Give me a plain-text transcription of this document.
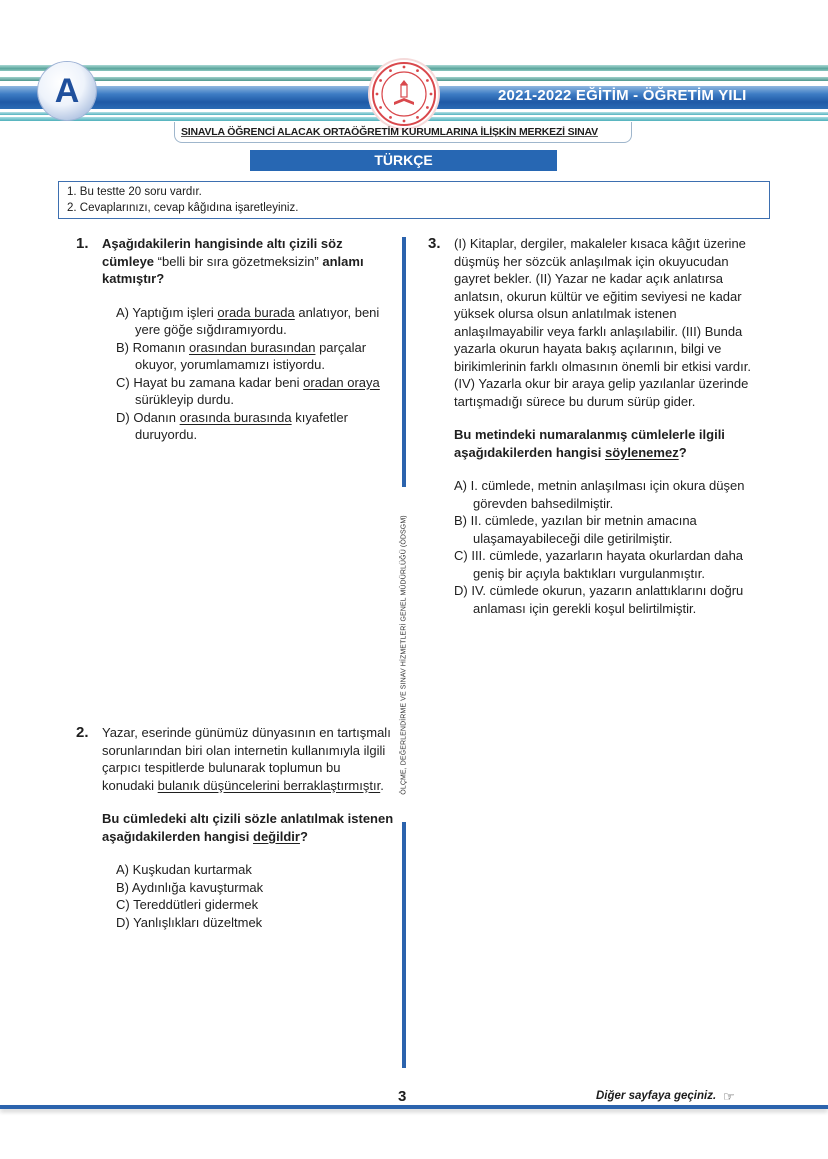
A	2021-2022 EĞİTİM - ÖĞRETİM YILI
SINAVLA ÖĞRENCİ ALACAK ORTAÖĞRETİM KURUMLARINA İLİŞKİN MERKEZİ SINAV
TÜRKÇE
1. Bu testte 20 soru vardır.
2. Cevaplarınızı, cevap kâğıdına işaretleyiniz.
ÖLÇME, DEĞERLENDİRME VE SINAV HİZMETLERİ GENEL MÜDÜRLÜĞÜ (ÖDSGM)
1. Aşağıdakilerin hangisinde altı çizili söz cümleye “belli bir sıra gözetmeksizin” anlamı katmıştır?
A) Yaptığım işleri orada burada anlatıyor, beni yere göğe sığdıramıyordu.
B) Romanın orasından burasından parçalar okuyor, yorumlamamızı istiyordu.
C) Hayat bu zamana kadar beni oradan oraya sürükleyip durdu.
D) Odanın orasında burasında kıyafetler duruyordu.
2. Yazar, eserinde günümüz dünyasının en tartışmalı sorunlarından biri olan internetin kullanımıyla ilgili çarpıcı tespitlerde bulunarak toplumun bu konudaki bulanık düşüncelerini berraklaştırmıştır.
Bu cümledeki altı çizili sözle anlatılmak istenen aşağıdakilerden hangisi değildir?
A) Kuşkudan kurtarmak
B) Aydınlığa kavuşturmak
C) Tereddütleri gidermek
D) Yanlışlıkları düzeltmek
3. (I) Kitaplar, dergiler, makaleler kısaca kâğıt üzerine düşmüş her sözcük anlaşılmak için okuyucudan gayret bekler. (II) Yazar ne kadar açık anlatırsa anlatsın, okurun kültür ve eğitim seviyesi ne kadar yüksek olursa olsun anlatılmak istenen anlaşılmayabilir veya farklı anlaşılabilir. (III) Bunda yazarla okurun hayata bakış açılarının, bilgi ve birikimlerinin farklı olmasının önemli bir etkisi vardır. (IV) Yazarla okur bir araya gelip yazılanlar üzerinde tartışmadığı sürece bu durum sürüp gider.
Bu metindeki numaralanmış cümlelerle ilgili aşağıdakilerden hangisi söylenemez?
A) I. cümlede, metnin anlaşılması için okura düşen görevden bahsedilmiştir.
B) II. cümlede, yazılan bir metnin amacına ulaşamayabileceği dile getirilmiştir.
C) III. cümlede, yazarların hayata okurlardan daha geniş bir açıyla baktıkları vurgulanmıştır.
D) IV. cümlede okurun, yazarın anlattıklarını doğru anlaması için gerekli koşul belirtilmiştir.
3	Diğer sayfaya geçiniz. ☞
